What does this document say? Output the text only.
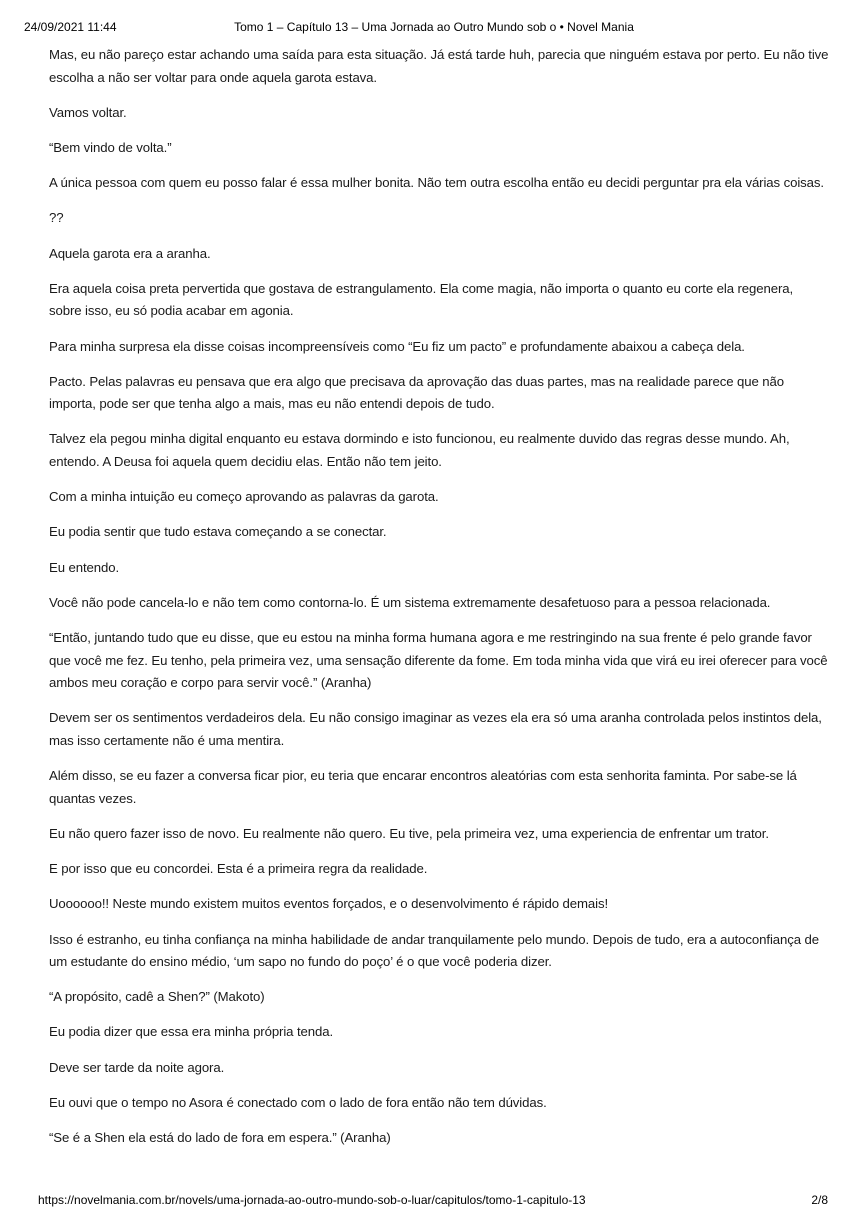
24/09/2021 11:44	Tomo 1 – Capítulo 13 – Uma Jornada ao Outro Mundo sob o • Novel Mania

Mas, eu não pareço estar achando uma saída para esta situação. Já está tarde huh, parecia que ninguém estava por perto. Eu não tive escolha a não ser voltar para onde aquela garota estava.

Vamos voltar.

“Bem vindo de volta.”

A única pessoa com quem eu posso falar é essa mulher bonita. Não tem outra escolha então eu decidi perguntar pra ela várias coisas.

??

Aquela garota era a aranha.

Era aquela coisa preta pervertida que gostava de estrangulamento. Ela come magia, não importa o quanto eu corte ela regenera, sobre isso, eu só podia acabar em agonia.

Para minha surpresa ela disse coisas incompreensíveis como “Eu fiz um pacto” e profundamente abaixou a cabeça dela.

Pacto. Pelas palavras eu pensava que era algo que precisava da aprovação das duas partes, mas na realidade parece que não importa, pode ser que tenha algo a mais, mas eu não entendi depois de tudo.

Talvez ela pegou minha digital enquanto eu estava dormindo e isto funcionou, eu realmente duvido das regras desse mundo. Ah, entendo. A Deusa foi aquela quem decidiu elas. Então não tem jeito.

Com a minha intuição eu começo aprovando as palavras da garota.

Eu podia sentir que tudo estava começando a se conectar.

Eu entendo.

Você não pode cancela-lo e não tem como contorna-lo. É um sistema extremamente desafetuoso para a pessoa relacionada.

“Então, juntando tudo que eu disse, que eu estou na minha forma humana agora e me restringindo na sua frente é pelo grande favor que você me fez. Eu tenho, pela primeira vez, uma sensação diferente da fome. Em toda minha vida que virá eu irei oferecer para você ambos meu coração e corpo para servir você.” (Aranha)

Devem ser os sentimentos verdadeiros dela. Eu não consigo imaginar as vezes ela era só uma aranha controlada pelos instintos dela, mas isso certamente não é uma mentira.

Além disso, se eu fazer a conversa ficar pior, eu teria que encarar encontros aleatórias com esta senhorita faminta. Por sabe-se lá quantas vezes.

Eu não quero fazer isso de novo. Eu realmente não quero. Eu tive, pela primeira vez, uma experiencia de enfrentar um trator.

E por isso que eu concordei. Esta é a primeira regra da realidade.

Uoooooo!! Neste mundo existem muitos eventos forçados, e o desenvolvimento é rápido demais!

Isso é estranho, eu tinha confiança na minha habilidade de andar tranquilamente pelo mundo. Depois de tudo, era a autoconfiança de um estudante do ensino médio, ‘um sapo no fundo do poço’ é o que você poderia dizer.

“A propósito, cadê a Shen?” (Makoto)

Eu podia dizer que essa era minha própria tenda.

Deve ser tarde da noite agora.

Eu ouvi que o tempo no Asora é conectado com o lado de fora então não tem dúvidas.

“Se é a Shen ela está do lado de fora em espera.” (Aranha)

https://novelmania.com.br/novels/uma-jornada-ao-outro-mundo-sob-o-luar/capitulos/tomo-1-capitulo-13	2/8
